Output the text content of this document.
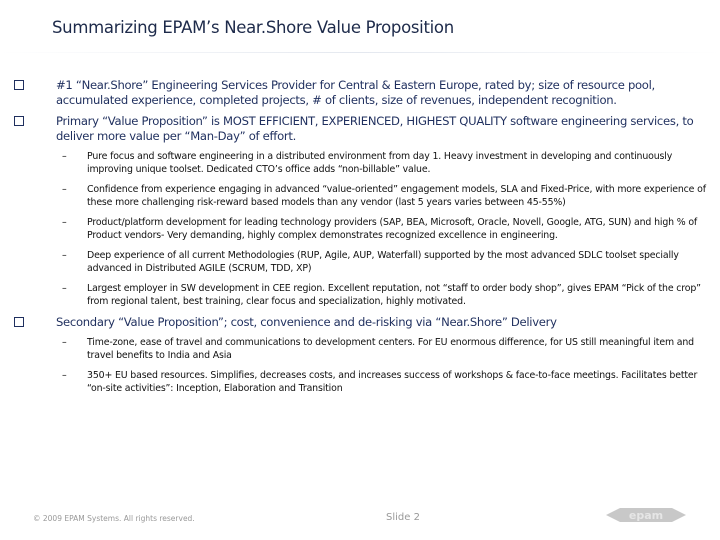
Summarizing EPAM’s Near.Shore Value Proposition
#1 “Near.Shore” Engineering Services Provider for Central & Eastern Europe, rated by; size of resource pool, accumulated experience, completed projects, # of clients, size of revenues, independent recognition.
Primary “Value Proposition” is MOST EFFICIENT, EXPERIENCED, HIGHEST QUALITY software engineering services, to deliver more value per “Man-Day” of effort.
– Pure focus and software engineering in a distributed environment from day 1. Heavy investment in developing and continuously improving unique toolset. Dedicated CTO’s office adds “non-billable” value.
– Confidence from experience engaging in advanced “value-oriented” engagement models, SLA and Fixed-Price, with more experience of these more challenging risk-reward based models than any vendor (last 5 years varies between 45-55%)
– Product/platform development for leading technology providers (SAP, BEA, Microsoft, Oracle, Novell, Google, ATG, SUN) and high % of Product vendors- Very demanding, highly complex demonstrates recognized excellence in engineering.
– Deep experience of all current Methodologies (RUP, Agile, AUP, Waterfall) supported by the most advanced SDLC toolset specially advanced in Distributed AGILE (SCRUM, TDD, XP)
– Largest employer in SW development in CEE region. Excellent reputation, not “staff to order body shop”, gives EPAM “Pick of the crop” from regional talent, best training, clear focus and specialization, highly motivated.
Secondary “Value Proposition”; cost, convenience and de-risking via “Near.Shore” Delivery
– Time-zone, ease of travel and communications to development centers. For EU enormous difference, for US still meaningful item and travel benefits to India and Asia
– 350+ EU based resources. Simplifies, decreases costs, and increases success of workshops & face-to-face meetings. Facilitates better “on-site activities”: Inception, Elaboration and Transition
© 2009 EPAM Systems. All rights reserved.	Slide 2	epam
